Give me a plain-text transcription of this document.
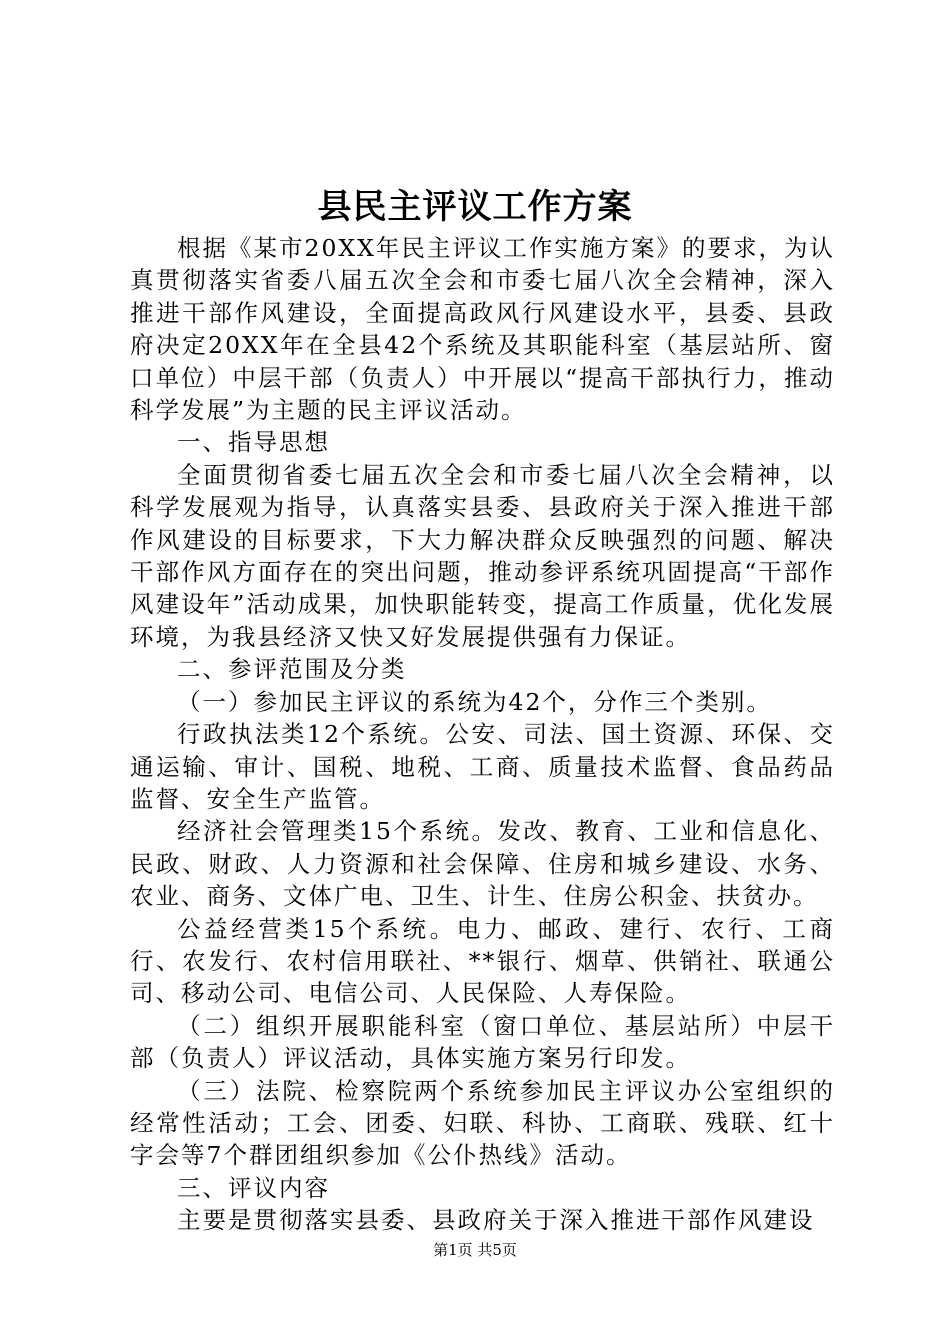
县民主评议工作方案

根据《某市20XX年民主评议工作实施方案》的要求，为认真贯彻落实省委八届五次全会和市委七届八次全会精神，深入推进干部作风建设，全面提高政风行风建设水平，县委、县政府决定20XX年在全县42个系统及其职能科室（基层站所、窗口单位）中层干部（负责人）中开展以“提高干部执行力，推动科学发展”为主题的民主评议活动。

一、指导思想

全面贯彻省委七届五次全会和市委七届八次全会精神，以科学发展观为指导，认真落实县委、县政府关于深入推进干部作风建设的目标要求，下大力解决群众反映强烈的问题、解决干部作风方面存在的突出问题，推动参评系统巩固提高“干部作风建设年”活动成果，加快职能转变，提高工作质量，优化发展环境，为我县经济又快又好发展提供强有力保证。

二、参评范围及分类

（一）参加民主评议的系统为42个，分作三个类别。

行政执法类12个系统。公安、司法、国土资源、环保、交通运输、审计、国税、地税、工商、质量技术监督、食品药品监督、安全生产监管。

经济社会管理类15个系统。发改、教育、工业和信息化、民政、财政、人力资源和社会保障、住房和城乡建设、水务、农业、商务、文体广电、卫生、计生、住房公积金、扶贫办。

公益经营类15个系统。电力、邮政、建行、农行、工商行、农发行、农村信用联社、**银行、烟草、供销社、联通公司、移动公司、电信公司、人民保险、人寿保险。

（二）组织开展职能科室（窗口单位、基层站所）中层干部（负责人）评议活动，具体实施方案另行印发。

（三）法院、检察院两个系统参加民主评议办公室组织的经常性活动；工会、团委、妇联、科协、工商联、残联、红十字会等7个群团组织参加《公仆热线》活动。

三、评议内容

主要是贯彻落实县委、县政府关于深入推进干部作风建设

第1页 共5页
